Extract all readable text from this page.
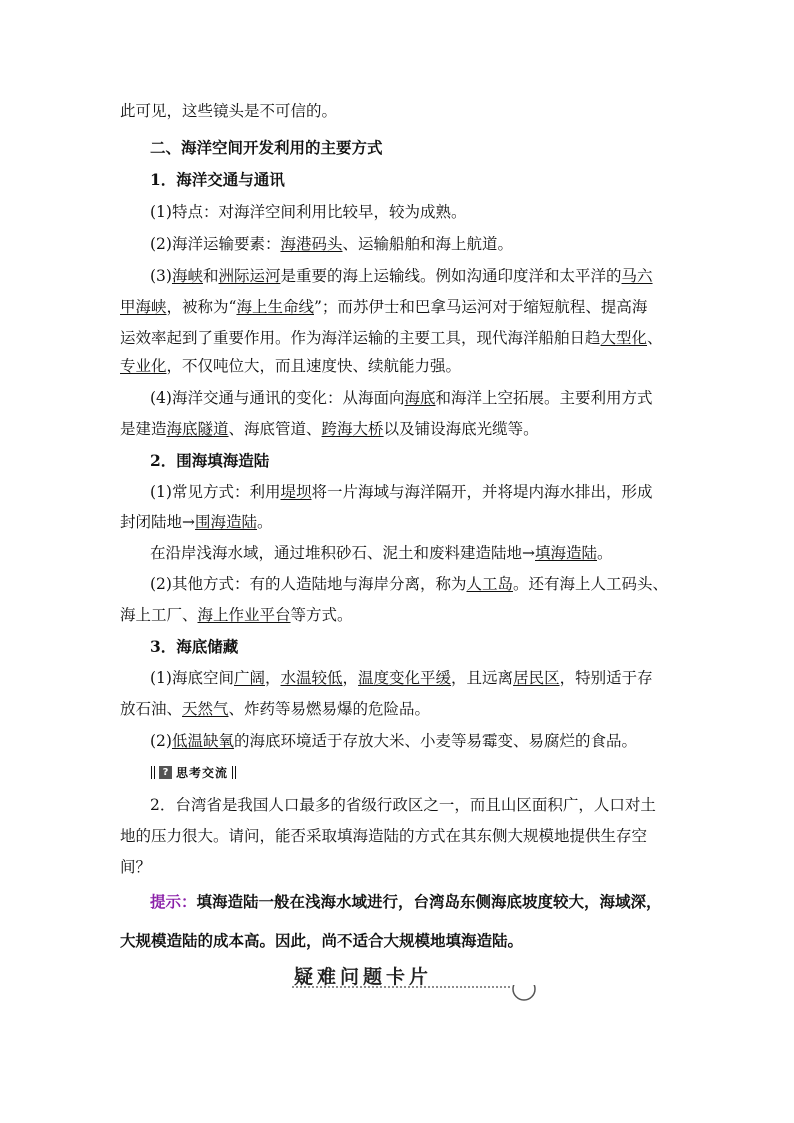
此可见，这些镜头是不可信的。
二、海洋空间开发利用的主要方式
1．海洋交通与通讯
(1)特点：对海洋空间利用比较早，较为成熟。
(2)海洋运输要素：海港码头、运输船舶和海上航道。
(3)海峡和洲际运河是重要的海上运输线。例如沟通印度洋和太平洋的马六
甲海峡，被称为“海上生命线”；而苏伊士和巴拿马运河对于缩短航程、提高海
运效率起到了重要作用。作为海洋运输的主要工具，现代海洋船舶日趋大型化、
专业化，不仅吨位大，而且速度快、续航能力强。
(4)海洋交通与通讯的变化：从海面向海底和海洋上空拓展。主要利用方式
是建造海底隧道、海底管道、跨海大桥以及铺设海底光缆等。
2．围海填海造陆
(1)常见方式：利用堤坝将一片海域与海洋隔开，并将堤内海水排出，形成
封闭陆地→围海造陆。
在沿岸浅海水域，通过堆积砂石、泥土和废料建造陆地→填海造陆。
(2)其他方式：有的人造陆地与海岸分离，称为人工岛。还有海上人工码头、
海上工厂、海上作业平台等方式。
3．海底储藏
(1)海底空间广阔，水温较低，温度变化平缓，且远离居民区，特别适于存
放石油、天然气、炸药等易燃易爆的危险品。
(2)低温缺氧的海底环境适于存放大米、小麦等易霉变、易腐烂的食品。
? 思考交流
2．台湾省是我国人口最多的省级行政区之一，而且山区面积广，人口对土
地的压力很大。请问，能否采取填海造陆的方式在其东侧大规模地提供生存空
间？
提示：填海造陆一般在浅海水域进行，台湾岛东侧海底坡度较大，海域深，
大规模造陆的成本高。因此，尚不适合大规模地填海造陆。
疑难问题卡片
